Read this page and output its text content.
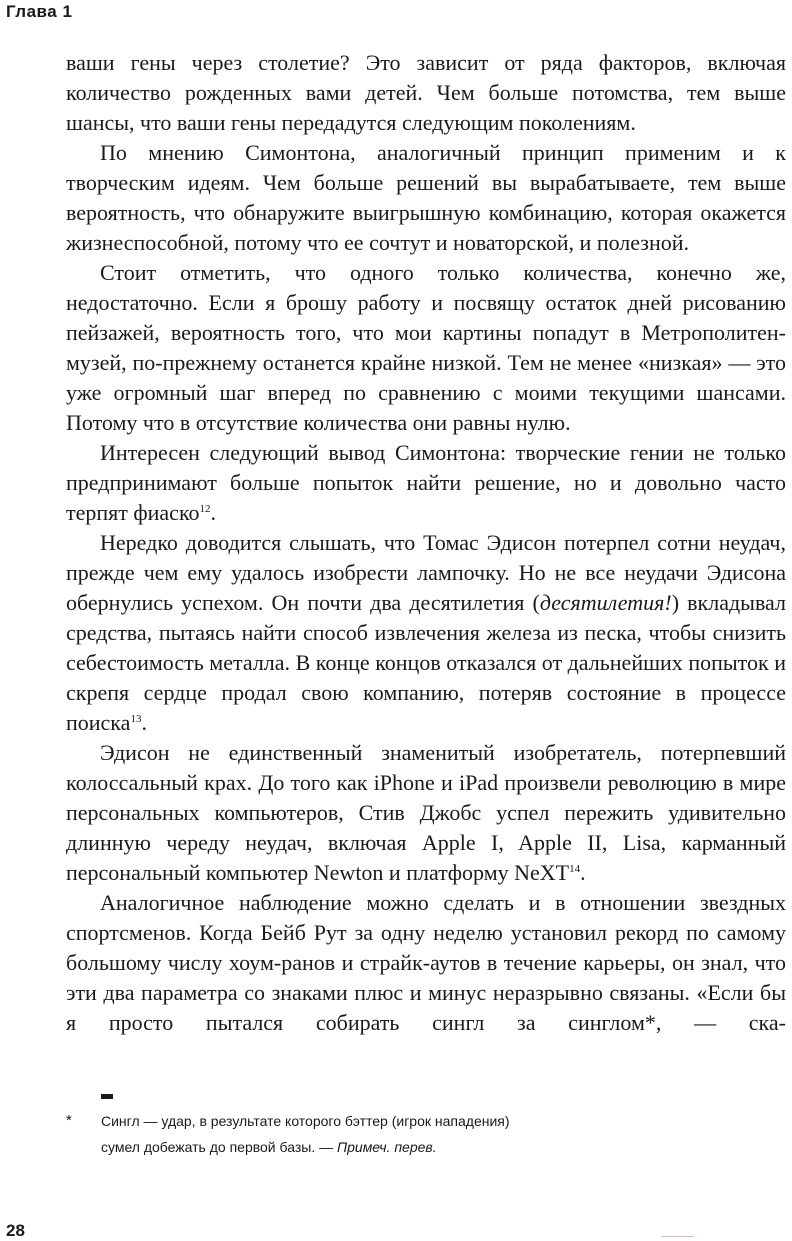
Глава 1

ваши гены через столетие? Это зависит от ряда факторов, включая количество рожденных вами детей. Чем больше потомства, тем выше шансы, что ваши гены передадутся следующим поколениям.

По мнению Симонтона, аналогичный принцип применим и к творческим идеям. Чем больше решений вы вырабатываете, тем выше вероятность, что обнаружите выигрышную комбинацию, которая окажется жизнеспособной, потому что ее сочтут и новаторской, и полезной.

Стоит отметить, что одного только количества, конечно же, недостаточно. Если я брошу работу и посвящу остаток дней рисованию пейзажей, вероятность того, что мои картины попадут в Метрополитен-музей, по-прежнему останется крайне низкой. Тем не менее «низкая» — это уже огромный шаг вперед по сравнению с моими текущими шансами. Потому что в отсутствие количества они равны нулю.

Интересен следующий вывод Симонтона: творческие гении не только предпринимают больше попыток найти решение, но и довольно часто терпят фиаско$^{12}$.

Нередко доводится слышать, что Томас Эдисон потерпел сотни неудач, прежде чем ему удалось изобрести лампочку. Но не все неудачи Эдисона обернулись успехом. Он почти два десятилетия (десятилетия!) вкладывал средства, пытаясь найти способ извлечения железа из песка, чтобы снизить себестоимость металла. В конце концов отказался от дальнейших попыток и скрепя сердце продал свою компанию, потеряв состояние в процессе поиска$^{13}$.

Эдисон не единственный знаменитый изобретатель, потерпевший колоссальный крах. До того как iPhone и iPad произвели революцию в мире персональных компьютеров, Стив Джобс успел пережить удивительно длинную череду неудач, включая Apple I, Apple II, Lisa, карманный персональный компьютер Newton и платформу NeXT$^{14}$.

Аналогичное наблюдение можно сделать и в отношении звездных спортсменов. Когда Бейб Рут за одну неделю установил рекорд по самому большому числу хоум-ранов и страйк-аутов в течение карьеры, он знал, что эти два параметра со знаками плюс и минус неразрывно связаны. «Если бы я просто пытался собирать сингл за синглом*, — ска-

* Сингл — удар, в результате которого бэттер (игрок нападения) сумел добежать до первой базы. — Примеч. перев.
28
